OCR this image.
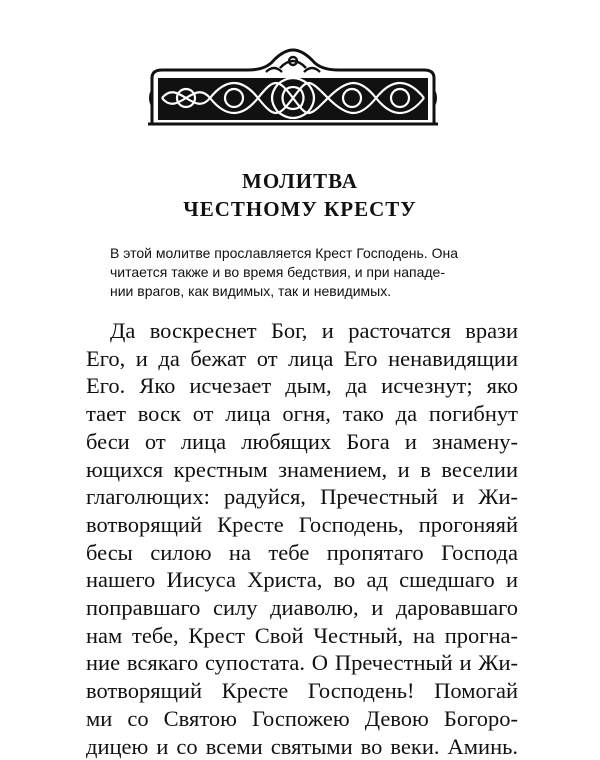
МОЛИТВА
ЧЕСТНОМУ КРЕСТУ
В этой молитве прославляется Крест Господень. Она
читается также и во время бедствия, и при нападе-
нии врагов, как видимых, так и невидимых.
Да воскреснет Бог, и расточатся врази
Его, и да бежат от лица Его ненавидящии
Его. Яко исчезает дым, да исчезнут; яко
тает воск от лица огня, тако да погибнут
беси от лица любящих Бога и знамену-
ющихся крестным знамением, и в веселии
глаголющих: радуйся, Пречестный и Жи-
вотворящий Кресте Господень, прогоняяй
бесы силою на тебе пропятаго Господа
нашего Иисуса Христа, во ад сшедшаго и
поправшаго силу диаволю, и даровавшаго
нам тебе, Крест Свой Честный, на прогна-
ние всякаго супостата. О Пречестный и Жи-
вотворящий Кресте Господень! Помогай
ми со Святою Госпожею Девою Богоро-
дицею и со всеми святыми во веки. Аминь.
